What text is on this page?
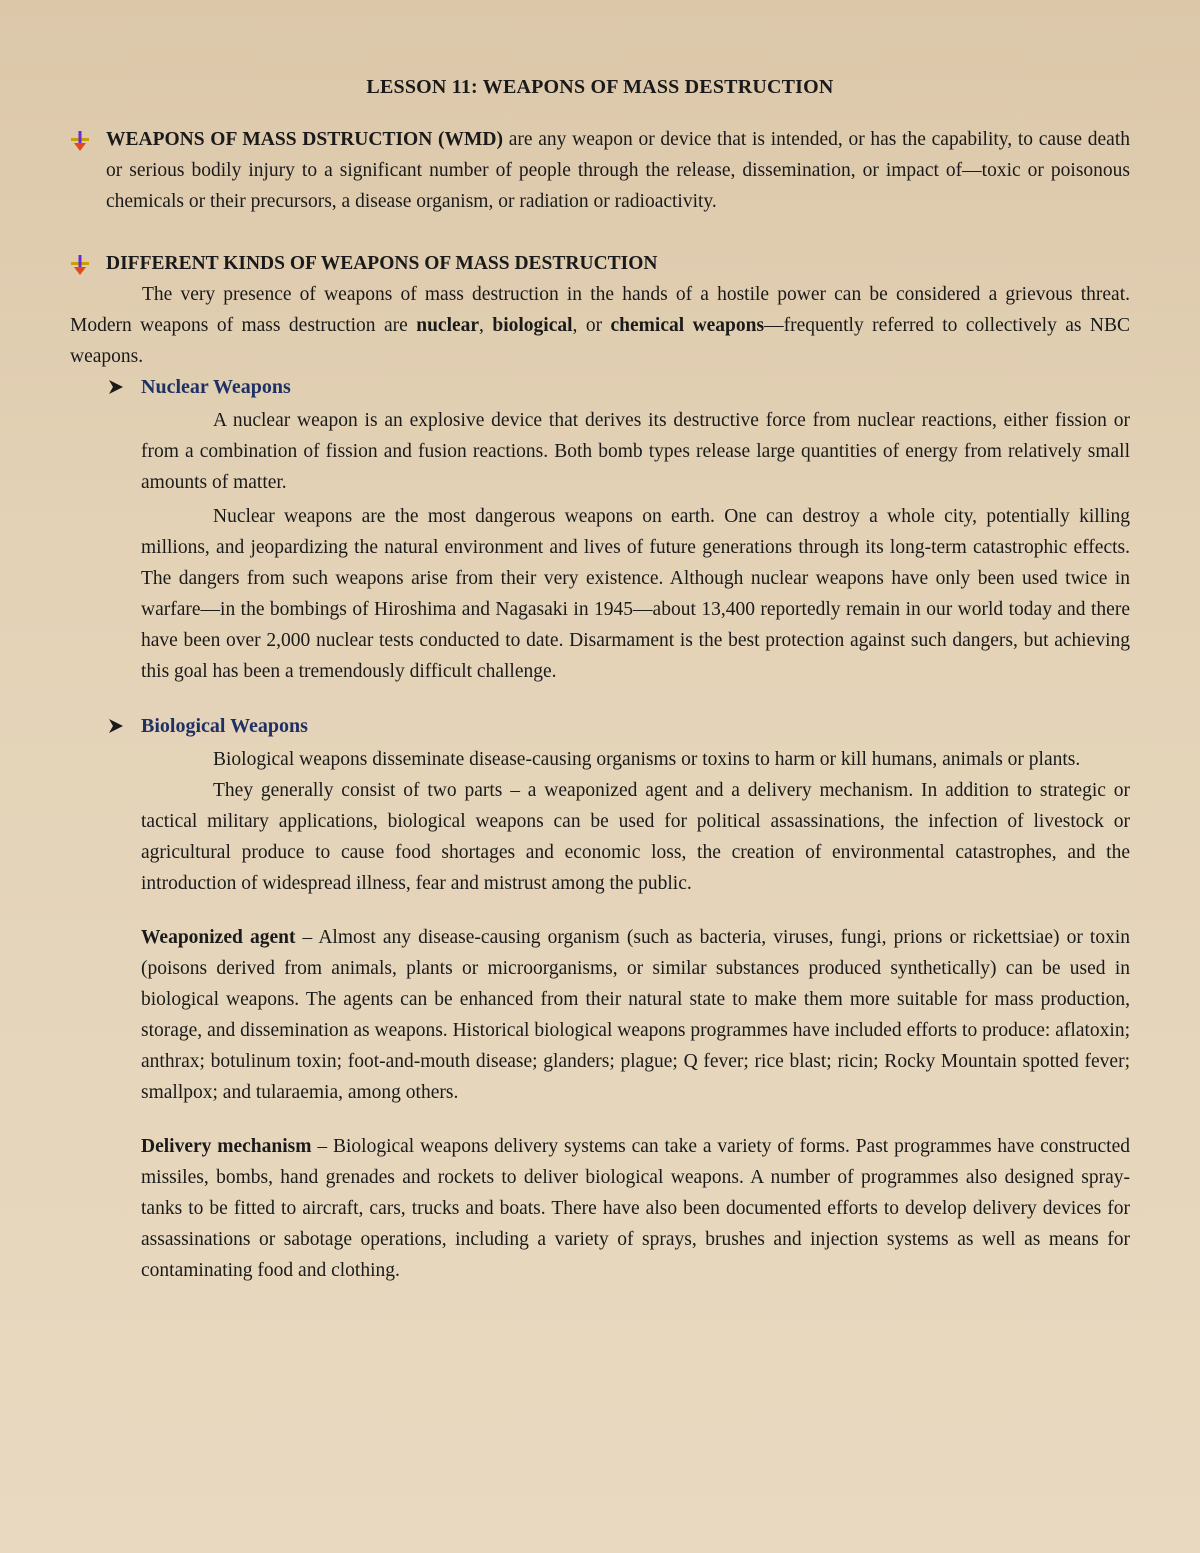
LESSON 11: WEAPONS OF MASS DESTRUCTION
WEAPONS OF MASS DSTRUCTION (WMD) are any weapon or device that is intended, or has the capability, to cause death or serious bodily injury to a significant number of people through the release, dissemination, or impact of—toxic or poisonous chemicals or their precursors, a disease organism, or radiation or radioactivity.
DIFFERENT KINDS OF WEAPONS OF MASS DESTRUCTION

The very presence of weapons of mass destruction in the hands of a hostile power can be considered a grievous threat. Modern weapons of mass destruction are nuclear, biological, or chemical weapons—frequently referred to collectively as NBC weapons.

Nuclear Weapons

A nuclear weapon is an explosive device that derives its destructive force from nuclear reactions, either fission or from a combination of fission and fusion reactions. Both bomb types release large quantities of energy from relatively small amounts of matter.

Nuclear weapons are the most dangerous weapons on earth. One can destroy a whole city, potentially killing millions, and jeopardizing the natural environment and lives of future generations through its long-term catastrophic effects. The dangers from such weapons arise from their very existence. Although nuclear weapons have only been used twice in warfare—in the bombings of Hiroshima and Nagasaki in 1945—about 13,400 reportedly remain in our world today and there have been over 2,000 nuclear tests conducted to date. Disarmament is the best protection against such dangers, but achieving this goal has been a tremendously difficult challenge.

Biological Weapons

Biological weapons disseminate disease-causing organisms or toxins to harm or kill humans, animals or plants.

They generally consist of two parts – a weaponized agent and a delivery mechanism. In addition to strategic or tactical military applications, biological weapons can be used for political assassinations, the infection of livestock or agricultural produce to cause food shortages and economic loss, the creation of environmental catastrophes, and the introduction of widespread illness, fear and mistrust among the public.

Weaponized agent – Almost any disease-causing organism (such as bacteria, viruses, fungi, prions or rickettsiae) or toxin (poisons derived from animals, plants or microorganisms, or similar substances produced synthetically) can be used in biological weapons. The agents can be enhanced from their natural state to make them more suitable for mass production, storage, and dissemination as weapons. Historical biological weapons programmes have included efforts to produce: aflatoxin; anthrax; botulinum toxin; foot-and-mouth disease; glanders; plague; Q fever; rice blast; ricin; Rocky Mountain spotted fever; smallpox; and tularaemia, among others.

Delivery mechanism – Biological weapons delivery systems can take a variety of forms. Past programmes have constructed missiles, bombs, hand grenades and rockets to deliver biological weapons. A number of programmes also designed spray-tanks to be fitted to aircraft, cars, trucks and boats. There have also been documented efforts to develop delivery devices for assassinations or sabotage operations, including a variety of sprays, brushes and injection systems as well as means for contaminating food and clothing.
